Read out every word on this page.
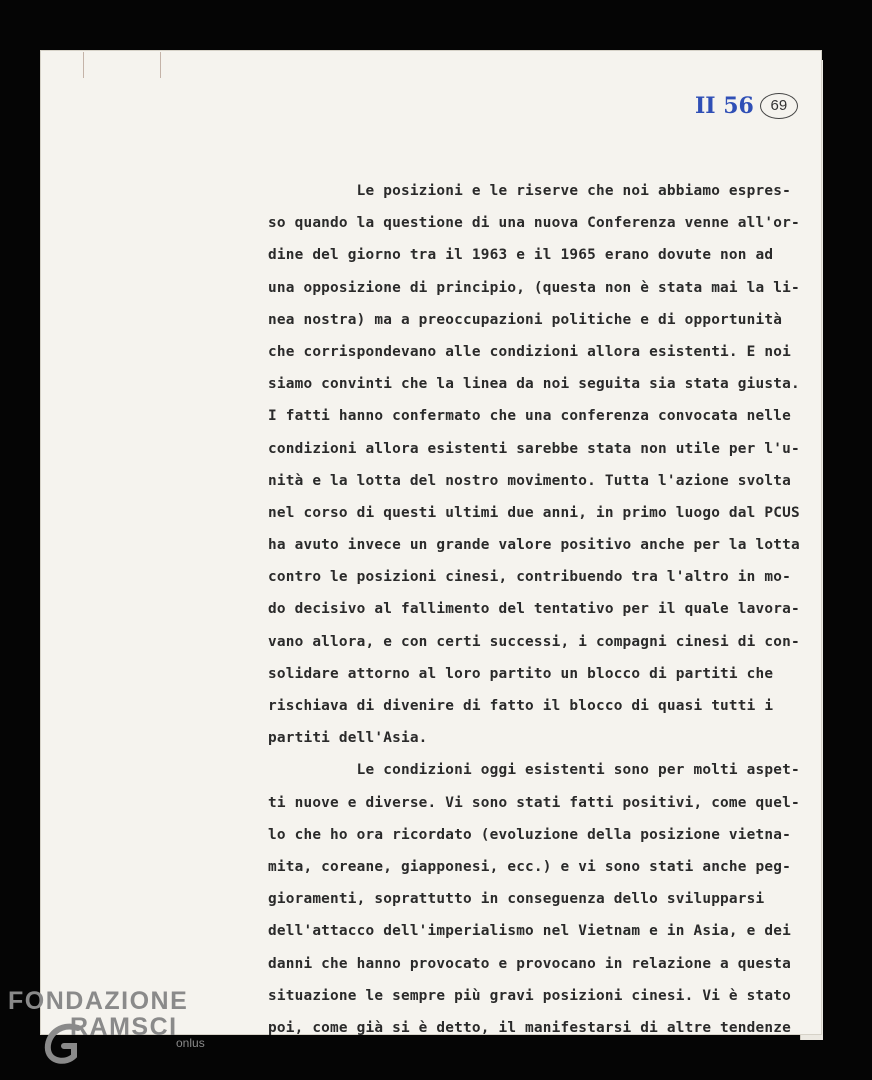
II 56	69
Le posizioni e le riserve che noi abbiamo espres-
so quando la questione di una nuova Conferenza venne all'or-
dine del giorno tra il 1963 e il 1965 erano dovute non ad
una opposizione di principio, (questa non è stata mai la li-
nea nostra) ma a preoccupazioni politiche e di opportunità
che corrispondevano alle condizioni allora esistenti. E noi
siamo convinti che la linea da noi seguita sia stata giusta.
I fatti hanno confermato che una conferenza convocata nelle
condizioni allora esistenti sarebbe stata non utile per l'u-
nità e la lotta del nostro movimento. Tutta l'azione svolta
nel corso di questi ultimi due anni, in primo luogo dal PCUS
ha avuto invece un grande valore positivo anche per la lotta
contro le posizioni cinesi, contribuendo tra l'altro in mo-
do decisivo al fallimento del tentativo per il quale lavora-
vano allora, e con certi successi, i compagni cinesi di con-
solidare attorno al loro partito un blocco di partiti che
rischiava di divenire di fatto il blocco di quasi tutti i
partiti dell'Asia.
Le condizioni oggi esistenti sono per molti aspet-
ti nuove e diverse. Vi sono stati fatti positivi, come quel-
lo che ho ora ricordato (evoluzione della posizione vietna-
mita, coreane, giapponesi, ecc.) e vi sono stati anche peg-
gioramenti, soprattutto in conseguenza dello svilupparsi
dell'attacco dell'imperialismo nel Vietnam e in Asia, e dei
danni che hanno provocato e provocano in relazione a questa
situazione le sempre più gravi posizioni cinesi. Vi è stato
poi, come già si è detto, il manifestarsi di altre tendenze
FONDAZIONE
RAMSCI
onlus
